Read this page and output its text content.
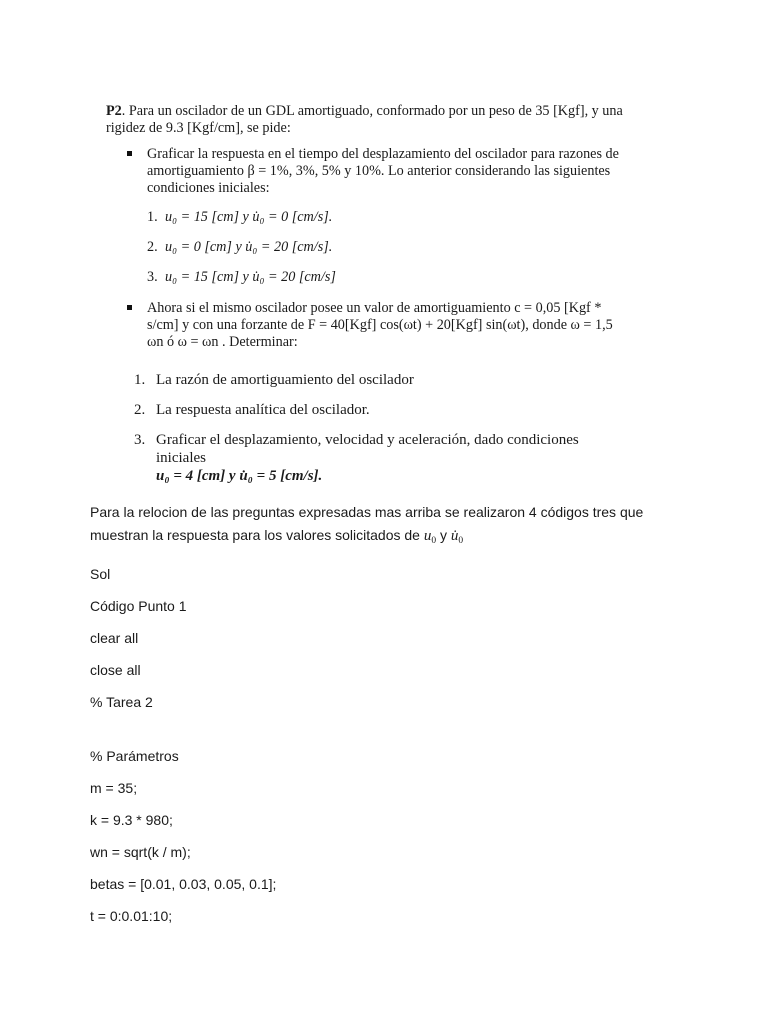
P2. Para un oscilador de un GDL amortiguado, conformado por un peso de 35 [Kgf], y una rigidez de 9.3 [Kgf/cm], se pide:
Graficar la respuesta en el tiempo del desplazamiento del oscilador para razones de amortiguamiento β = 1%, 3%, 5% y 10%. Lo anterior considerando las siguientes condiciones iniciales:
1. u₀ = 15 [cm] y u̇₀ = 0 [cm/s].
2. u₀ = 0 [cm] y u̇₀ = 20 [cm/s].
3. u₀ = 15 [cm] y u̇₀ = 20 [cm/s]
Ahora si el mismo oscilador posee un valor de amortiguamiento c = 0,05 [Kgf * s/cm] y con una forzante de F = 40[Kgf] cos(ωt) + 20[Kgf] sin(ωt), donde ω = 1,5 ωn ó ω = ωn . Determinar:
1. La razón de amortiguamiento del oscilador
2. La respuesta analítica del oscilador.
3. Graficar el desplazamiento, velocidad y aceleración, dado condiciones iniciales
u₀ = 4 [cm] y u̇₀ = 5 [cm/s].

Para la relocion de las preguntas expresadas mas arriba se realizaron 4 códigos tres que muestran la respuesta para los valores solicitados de $u_0$ y $u̇_0$

Sol

Código Punto 1

clear all

close all

% Tarea 2

% Parámetros

m = 35;

k = 9.3 * 980;

wn = sqrt(k / m);

betas = [0.01, 0.03, 0.05, 0.1];

t = 0:0.01:10;
